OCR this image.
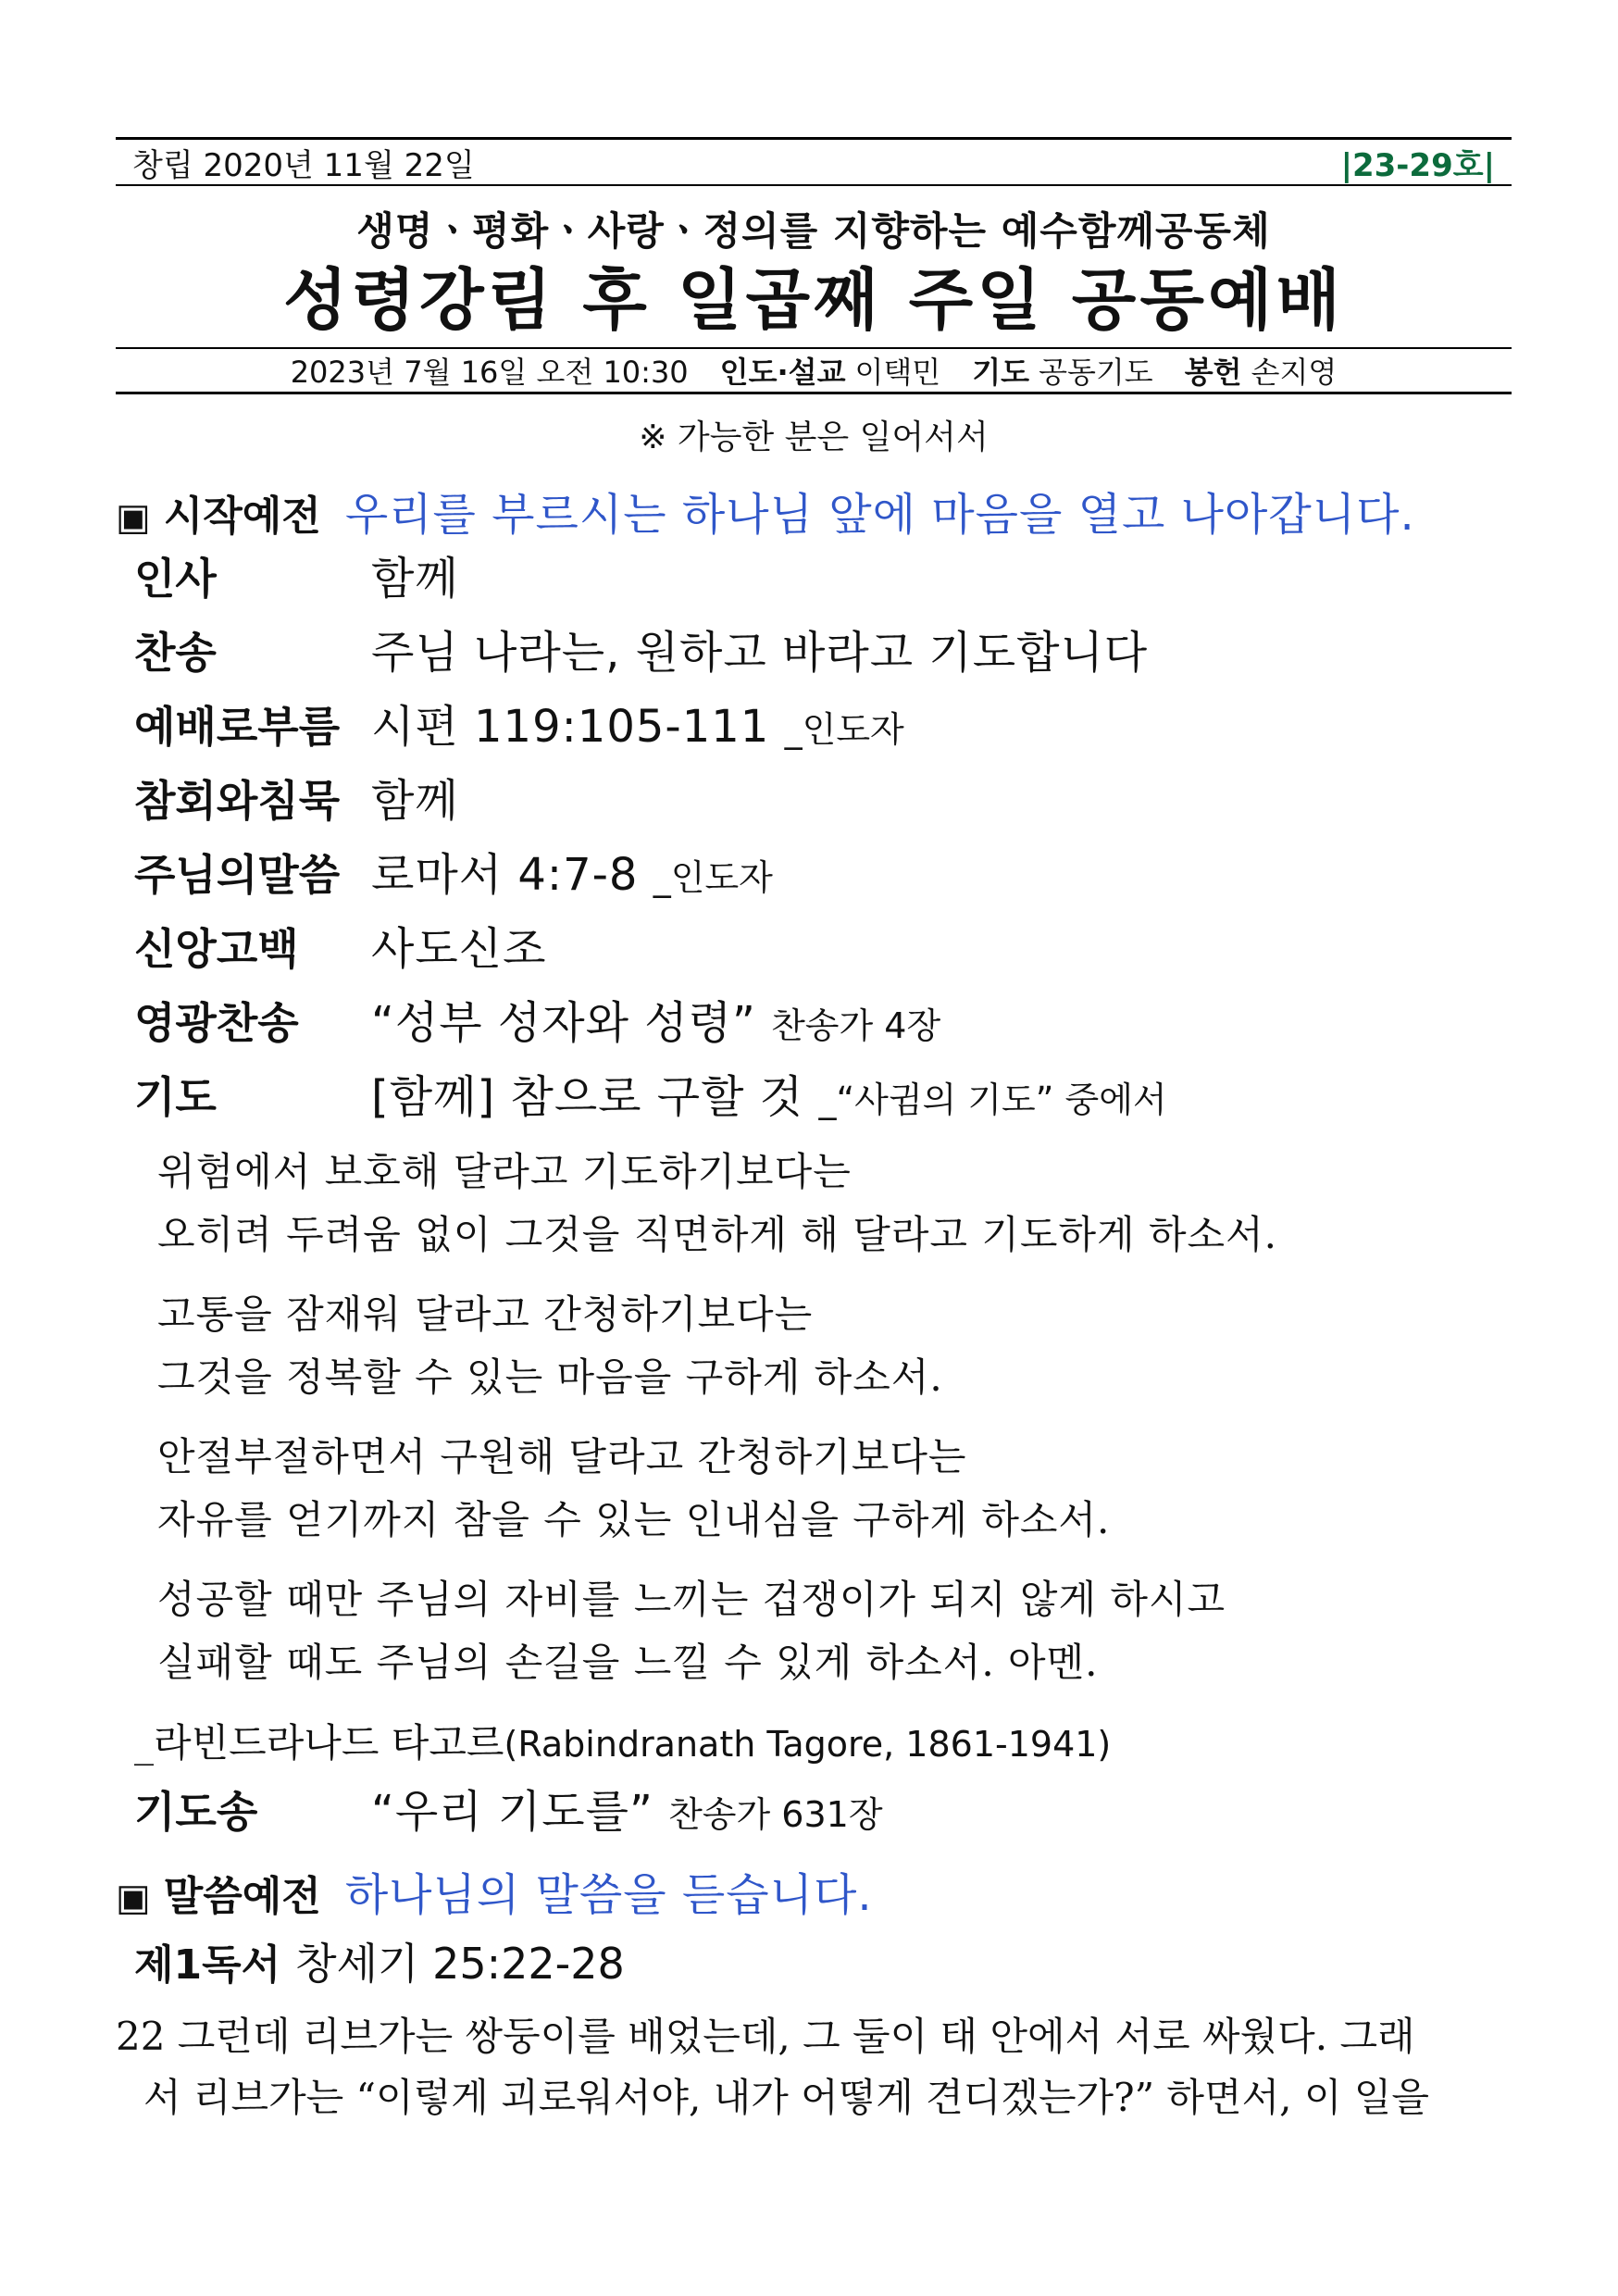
창립 2020년 11월 22일	|23-29호|
생명ㆍ평화ㆍ사랑ㆍ정의를 지향하는 예수함께공동체
성령강림 후 일곱째 주일 공동예배
2023년 7월 16일 오전 10:30 인도·설교 이택민 기도 공동기도 봉헌 손지영
※ 가능한 분은 일어서서
▣ 시작예전 우리를 부르시는 하나님 앞에 마음을 열고 나아갑니다.
인사	함께
찬송	주님 나라는, 원하고 바라고 기도합니다
예배로부름 시편 119:105-111 _인도자
참회와침묵 함께
주님의말씀 로마서 4:7-8 _인도자
신앙고백	사도신조
영광찬송	“성부 성자와 성령” 찬송가 4장
기도	[함께] 참으로 구할 것 _“사귐의 기도” 중에서
위험에서 보호해 달라고 기도하기보다는
오히려 두려움 없이 그것을 직면하게 해 달라고 기도하게 하소서.
고통을 잠재워 달라고 간청하기보다는
그것을 정복할 수 있는 마음을 구하게 하소서.
안절부절하면서 구원해 달라고 간청하기보다는
자유를 얻기까지 참을 수 있는 인내심을 구하게 하소서.
성공할 때만 주님의 자비를 느끼는 겁쟁이가 되지 않게 하시고
실패할 때도 주님의 손길을 느낄 수 있게 하소서. 아멘.
_라빈드라나드 타고르(Rabindranath Tagore, 1861-1941)
기도송	“우리 기도를” 찬송가 631장
▣ 말씀예전 하나님의 말씀을 듣습니다.
제1독서 창세기 25:22-28
22 그런데 리브가는 쌍둥이를 배었는데, 그 둘이 태 안에서 서로 싸웠다. 그래
서 리브가는 “이렇게 괴로워서야, 내가 어떻게 견디겠는가?” 하면서, 이 일을
